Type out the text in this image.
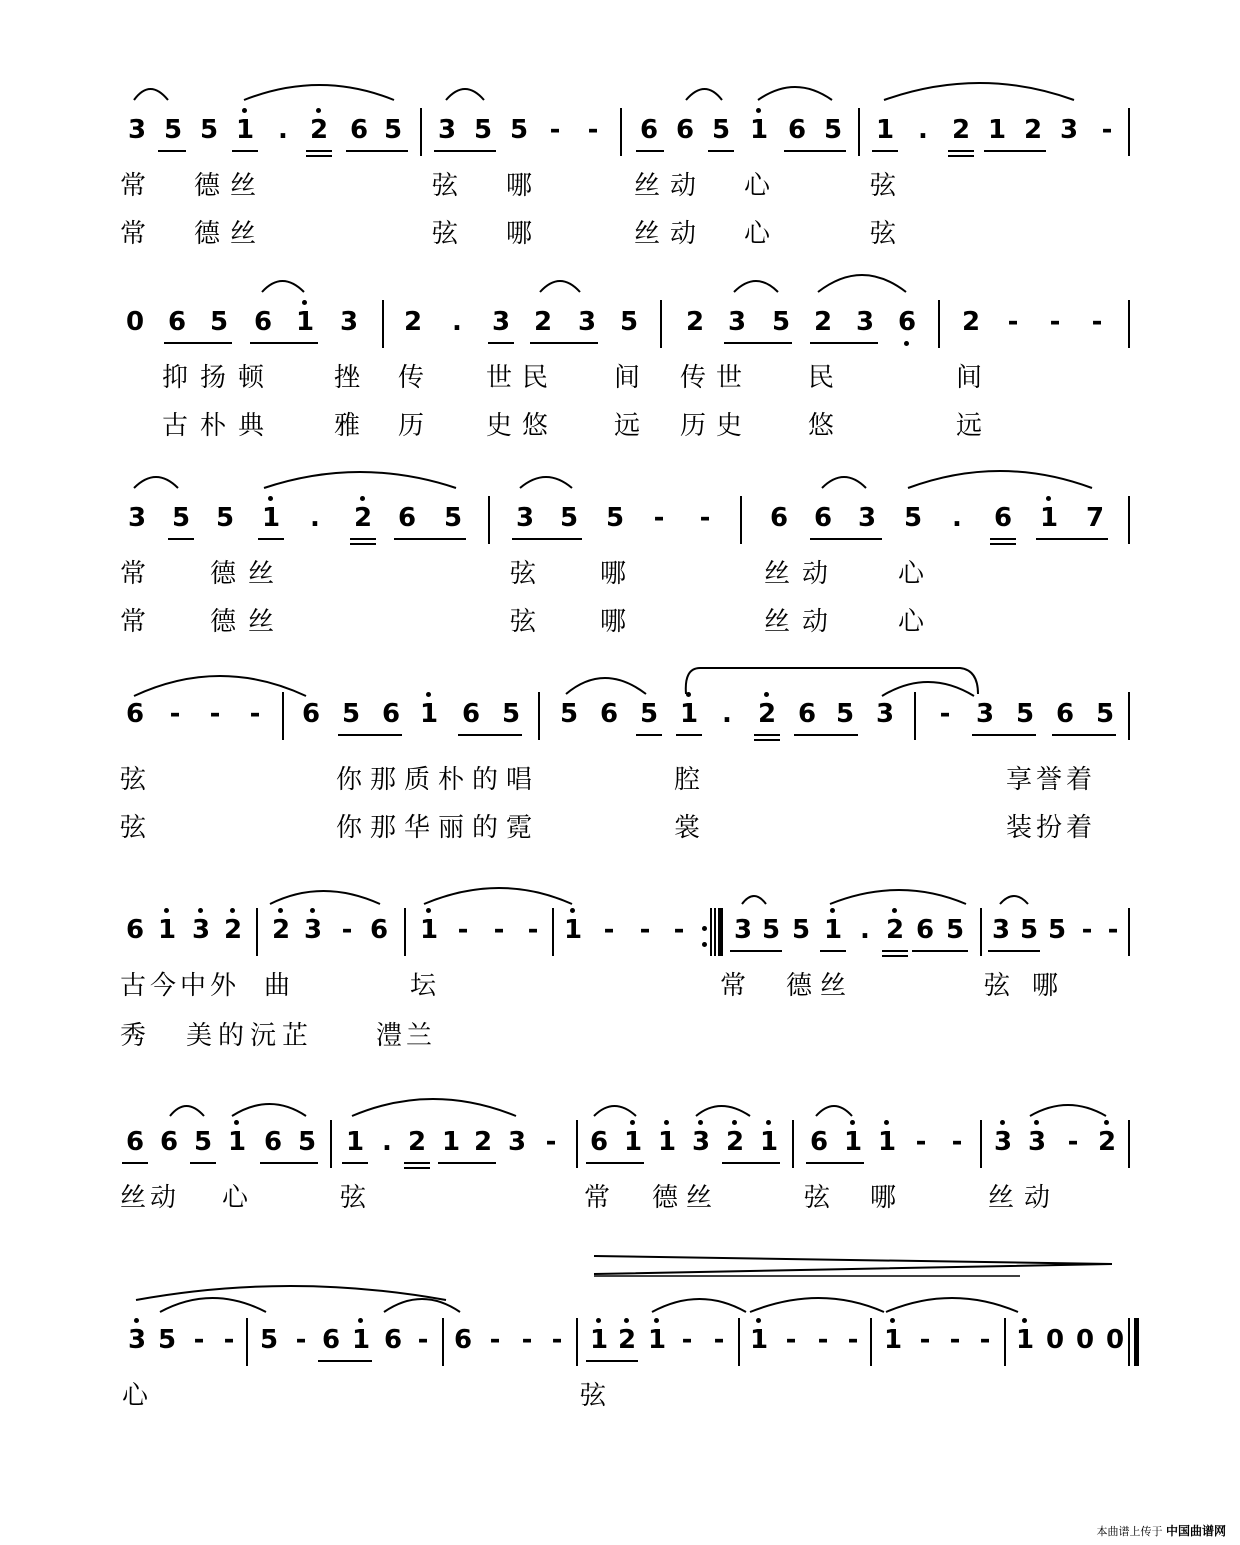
3 5 5 1 . 2 6 5 3 5 5 -	-	6 6 5 1 6 5 1 . 2 1 2 3 -
常 德丝	弦 哪	丝动 心	弦
常 德丝	弦 哪	丝动 心	弦
0 6 5 6 1 3 2	.	3 2 3 5 2 3 5 2 3 6 2	-	-	-
抑扬顿 挫 传 世民 间 传世 民	间
古朴典 雅 历 史悠 远 历史 悠	远
3 5 5 1	.	2 6 5 3 5 5	-	-	6 6 3 5	.	6 1 7
常 德丝	弦 哪	丝动 心
常 德丝	弦 哪	丝动 心
6 -	-	-	6 5 6 1 6 5 5 6 5 1 .	2 6 5 3	- 3 5 6 5
弦	你那质朴的唱	腔	享誉着
弦	你那华丽的霓	裳	装扮着
6 1 3 2 2 3 - 6 1 - - - 1 - - -	3 5 5 1 . 2 6 5 3 5 5 - -
古今中外 曲	坛	常 德丝	弦哪
秀 美的沅芷 澧兰
6 6 5 1 6 5 1 . 2 1 2 3 -	6 1 1 3 2 1 6 1 1 - -	3 3 - 2
丝动 心	弦	常 德丝	弦哪 丝动
3 5 - - 5 - 6 1 6 - 6 - - -	1 2 1 - - 1 - - - 1 - - - 1 0 0 0
心	弦
本曲谱上传于 中国曲谱网
